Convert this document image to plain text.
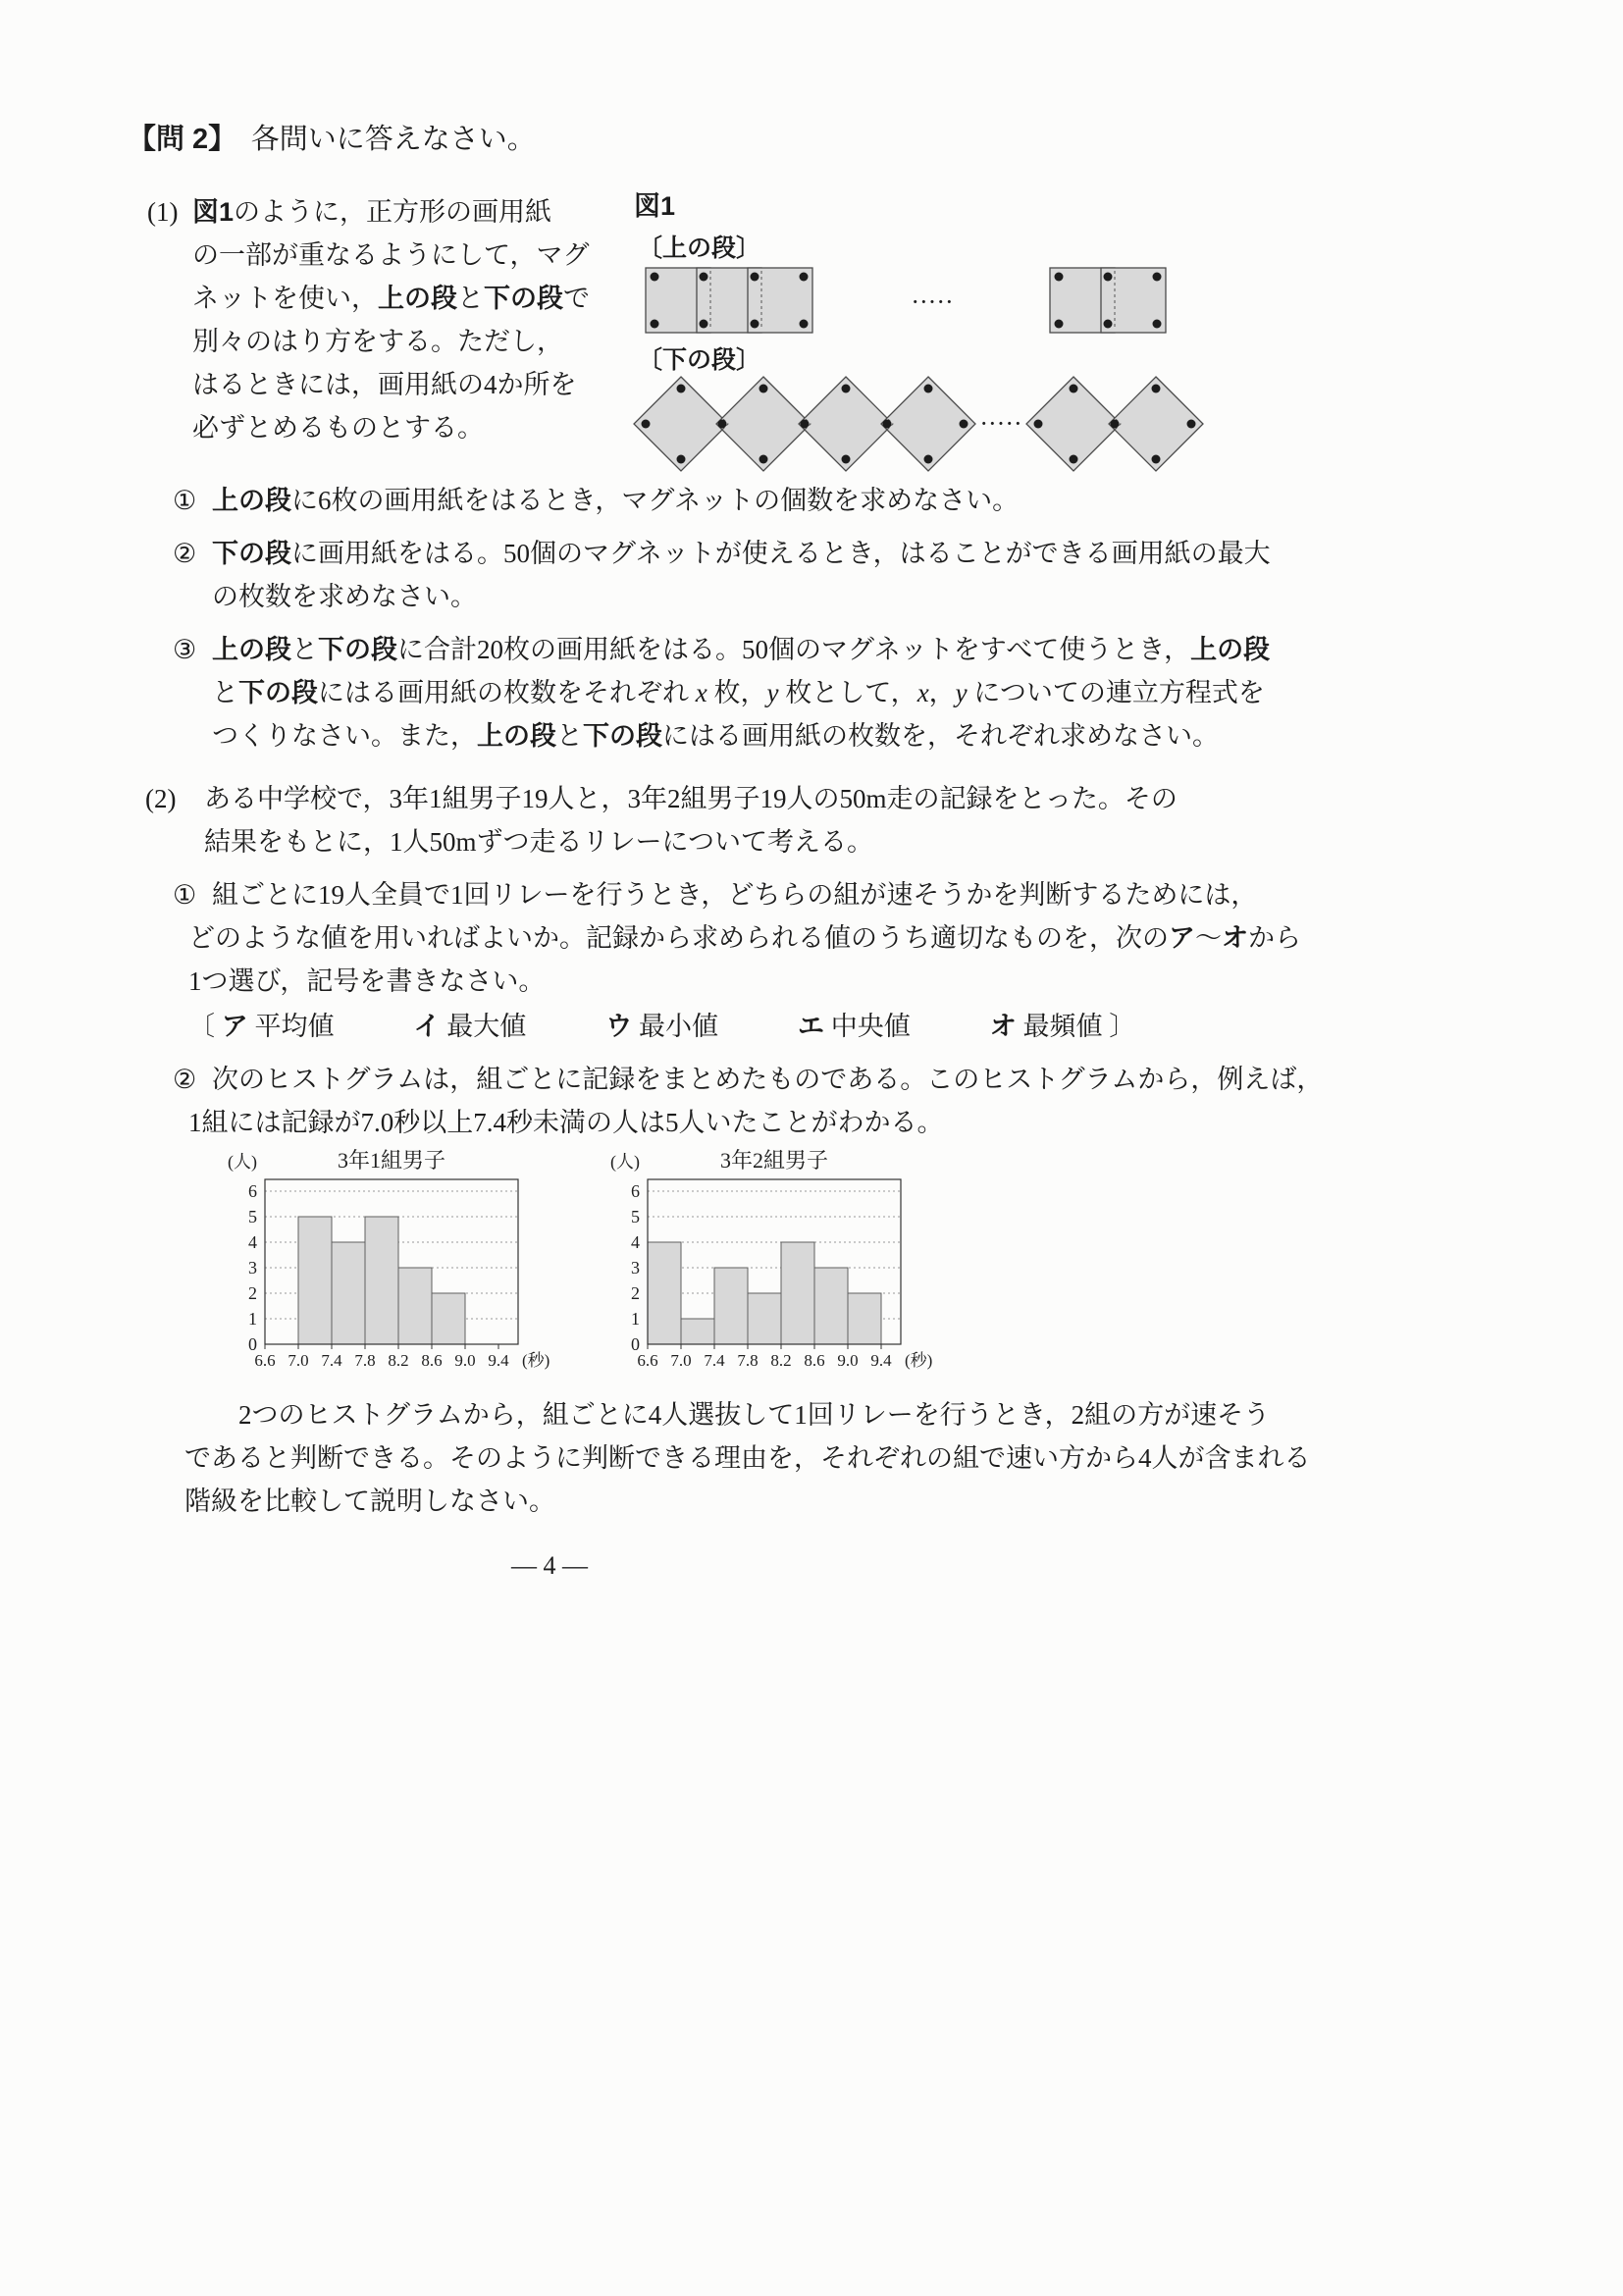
【問 2】　各問いに答えなさい。
(1) 図1のように，正方形の画用紙
の一部が重なるようにして，マグ
ネットを使い，上の段と下の段で
別々のはり方をする。ただし，
はるときには，画用紙の4か所を
必ずとめるものとする。
図1
〔上の段〕
·····
〔下の段〕
·····
① 上の段に6枚の画用紙をはるとき，マグネットの個数を求めなさい。
② 下の段に画用紙をはる。50個のマグネットが使えるとき，はることができる画用紙の最大
の枚数を求めなさい。
③ 上の段と下の段に合計20枚の画用紙をはる。50個のマグネットをすべて使うとき，上の段
と下の段にはる画用紙の枚数をそれぞれ x 枚，y 枚として，x，y についての連立方程式を
つくりなさい。また，上の段と下の段にはる画用紙の枚数を，それぞれ求めなさい。
(2) ある中学校で，3年1組男子19人と，3年2組男子19人の50m走の記録をとった。その
結果をもとに，1人50mずつ走るリレーについて考える。
① 組ごとに19人全員で1回リレーを行うとき，どちらの組が速そうかを判断するためには，
どのような値を用いればよいか。記録から求められる値のうち適切なものを，次のア～オから
1つ選び，記号を書きなさい。
〔 ア 平均値　　　イ 最大値　　　ウ 最小値　　　エ 中央値　　　オ 最頻値 〕
② 次のヒストグラムは，組ごとに記録をまとめたものである。このヒストグラムから，例えば，
1組には記録が7.0秒以上7.4秒未満の人は5人いたことがわかる。
(人)	3年1組男子
0
1
2
3
4
5
6
6.6 7.0 7.4 7.8 8.2 8.6 9.0 9.4 (秒)
(人)	3年2組男子
0
1
2
3
4
5
6
6.6 7.0 7.4 7.8 8.2 8.6 9.0 9.4 (秒)
　2つのヒストグラムから，組ごとに4人選抜して1回リレーを行うとき，2組の方が速そう
であると判断できる。そのように判断できる理由を，それぞれの組で速い方から4人が含まれる
階級を比較して説明しなさい。
― 4 ―
